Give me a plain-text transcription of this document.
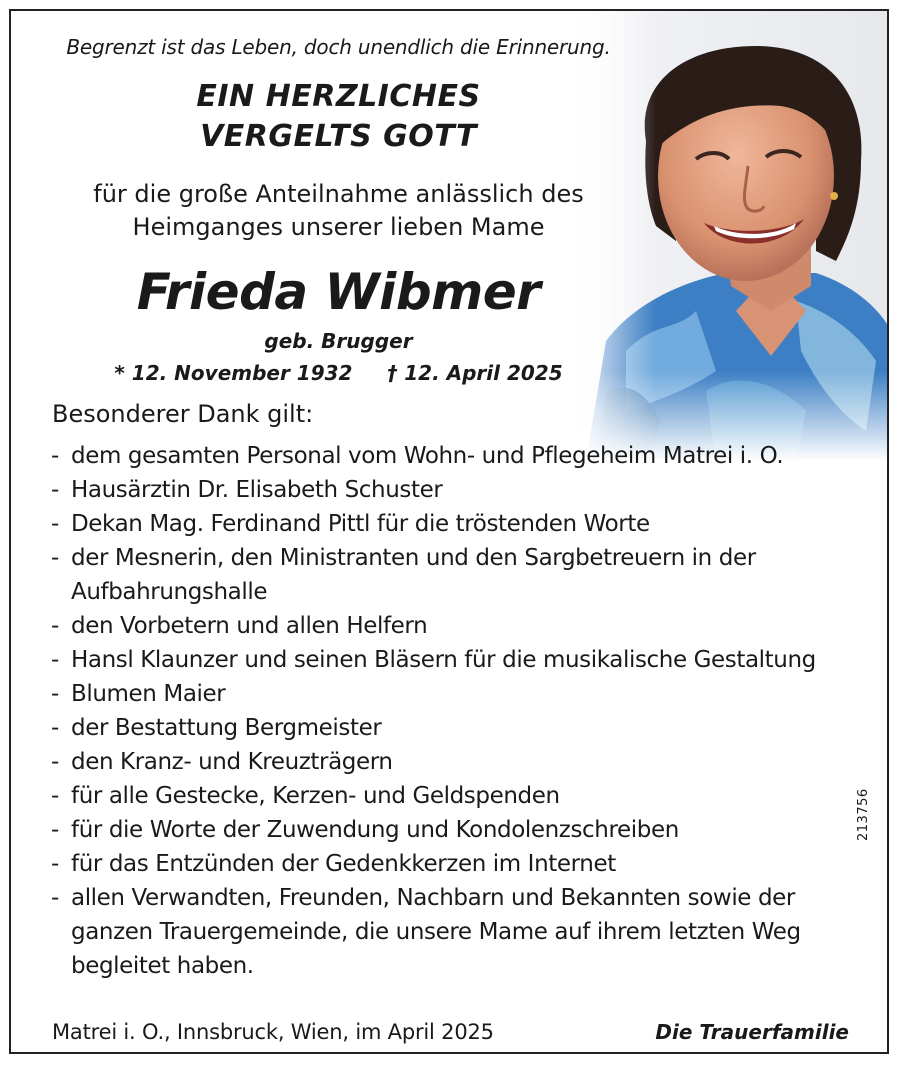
Begrenzt ist das Leben, doch unendlich die Erinnerung.
EIN HERZLICHES
VERGELTS GOTT
für die große Anteilnahme anlässlich des
Heimganges unserer lieben Mame
Frieda Wibmer
geb. Brugger
* 12. November 1932     † 12. April 2025
Besonderer Dank gilt:
- dem gesamten Personal vom Wohn- und Pflegeheim Matrei i. O.
- Hausärztin Dr. Elisabeth Schuster
- Dekan Mag. Ferdinand Pittl für die tröstenden Worte
- der Mesnerin, den Ministranten und den Sargbetreuern in der Aufbahrungshalle
- den Vorbetern und allen Helfern
- Hansl Klaunzer und seinen Bläsern für die musikalische Gestaltung
- Blumen Maier
- der Bestattung Bergmeister
- den Kranz- und Kreuzträgern
- für alle Gestecke, Kerzen- und Geldspenden
- für die Worte der Zuwendung und Kondolenzschreiben
- für das Entzünden der Gedenkkerzen im Internet
- allen Verwandten, Freunden, Nachbarn und Bekannten sowie der ganzen Trauergemeinde, die unsere Mame auf ihrem letzten Weg begleitet haben.
Matrei i. O., Innsbruck, Wien, im April 2025	Die Trauerfamilie
213756
